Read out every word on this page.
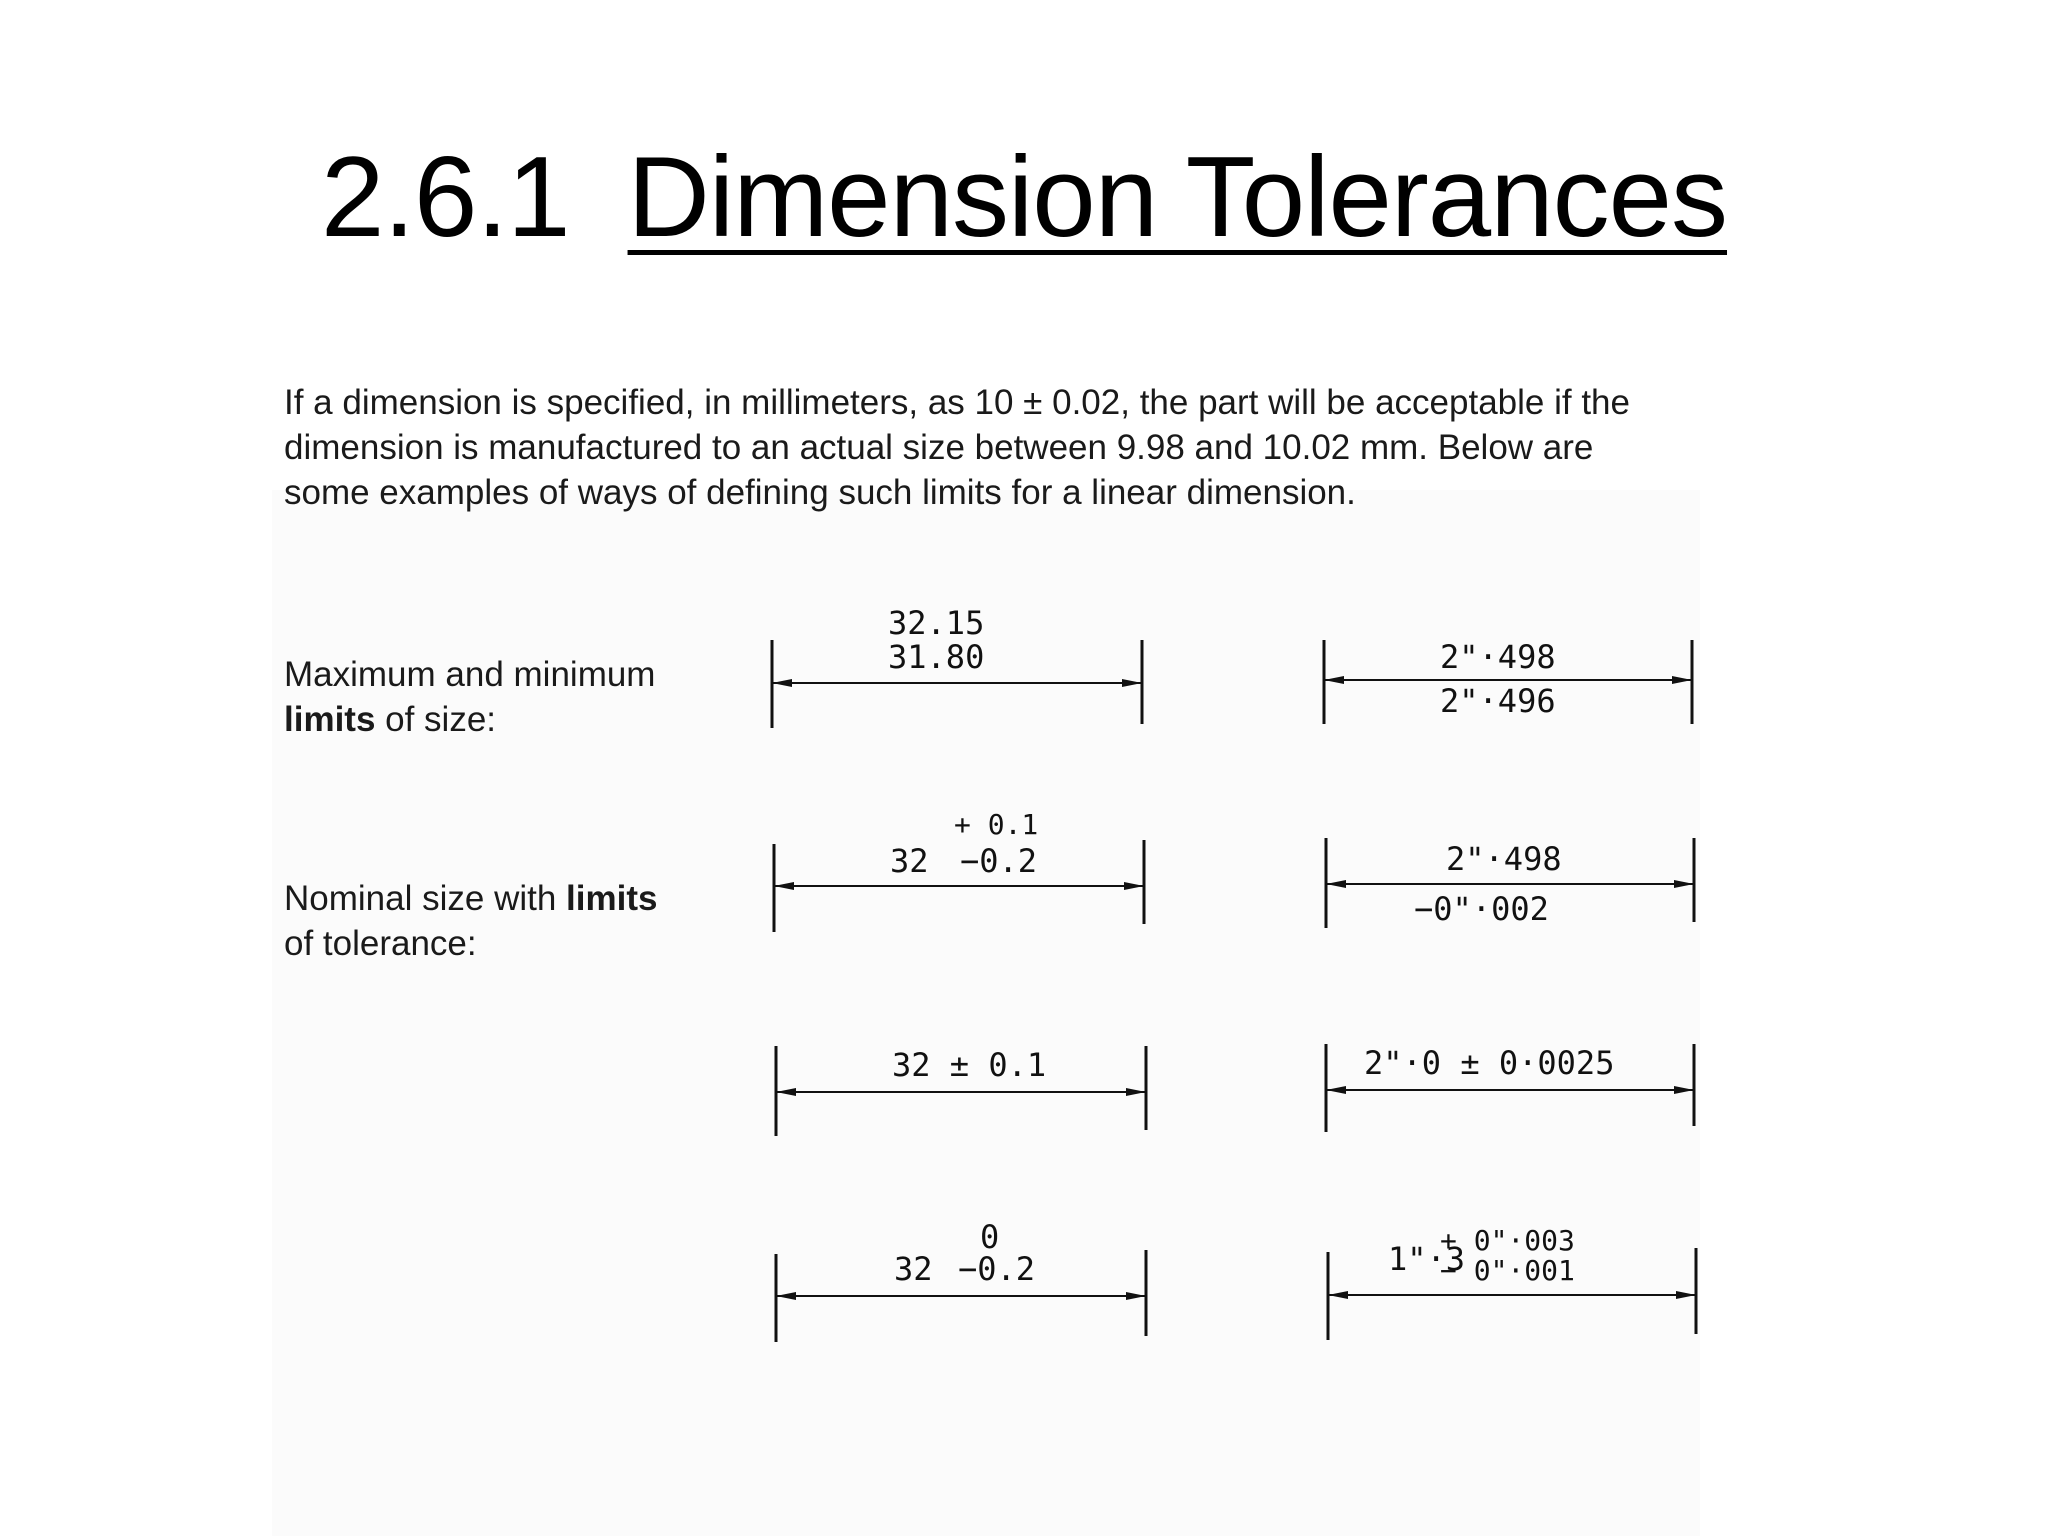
2.6.1 Dimension Tolerances

If a dimension is specified, in millimeters, as 10 ± 0.02, the part will be acceptable if the

dimension is manufactured to an actual size between 9.98 and 10.02 mm. Below are

some examples of ways of defining such limits for a linear dimension.

Maximum and minimum
limits of size:
Nominal size with limits
of tolerance:
32.15
31.80	2"·498
2"·496
+ 0.1
32 −0.2	2"·498
−0"·002
32 ± 0.1	2"·0 ± 0·0025
0
32 −0.2	1"·3
+ 0"·003
− 0"·001
